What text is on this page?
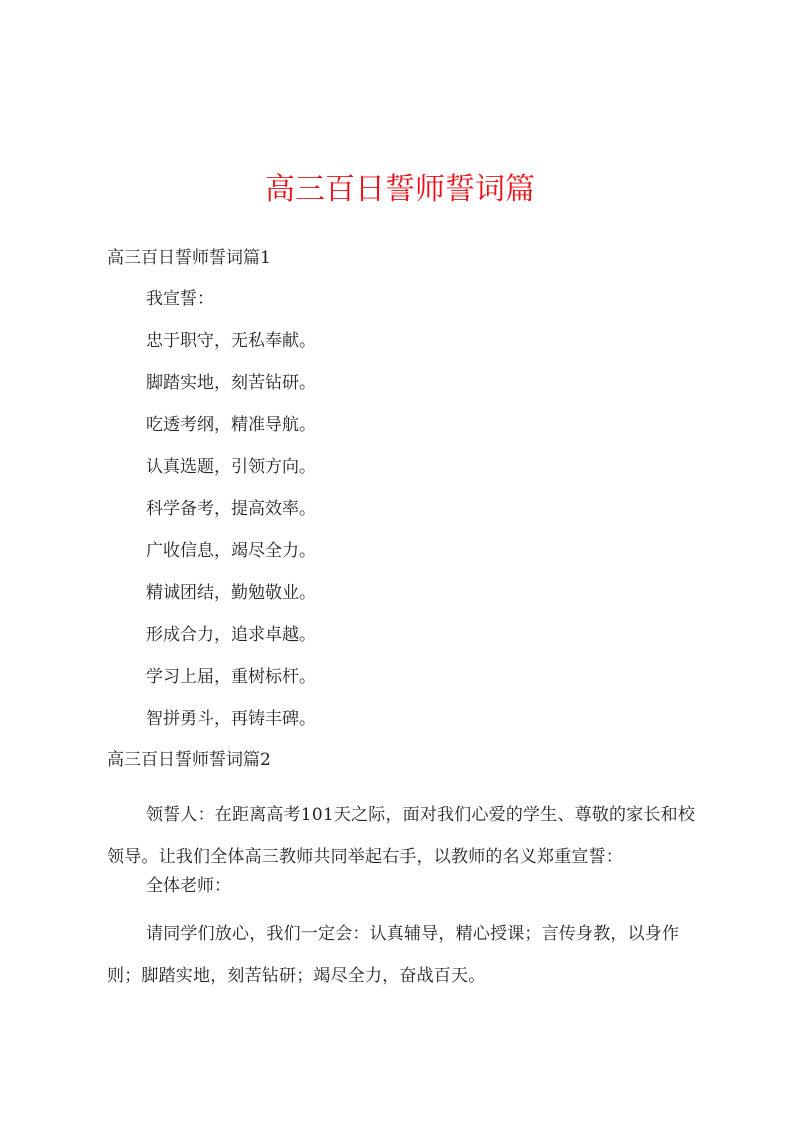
高三百日誓师誓词篇
高三百日誓师誓词篇1
我宣誓：
忠于职守，无私奉献。
脚踏实地，刻苦钻研。
吃透考纲，精准导航。
认真选题，引领方向。
科学备考，提高效率。
广收信息，竭尽全力。
精诚团结，勤勉敬业。
形成合力，追求卓越。
学习上届，重树标杆。
智拼勇斗，再铸丰碑。
高三百日誓师誓词篇2
领誓人：在距离高考101天之际，面对我们心爱的学生、尊敬的家长和校领导。让我们全体高三教师共同举起右手，以教师的名义郑重宣誓：
全体老师：
请同学们放心，我们一定会：认真辅导，精心授课；言传身教，以身作则；脚踏实地，刻苦钻研；竭尽全力，奋战百天。
